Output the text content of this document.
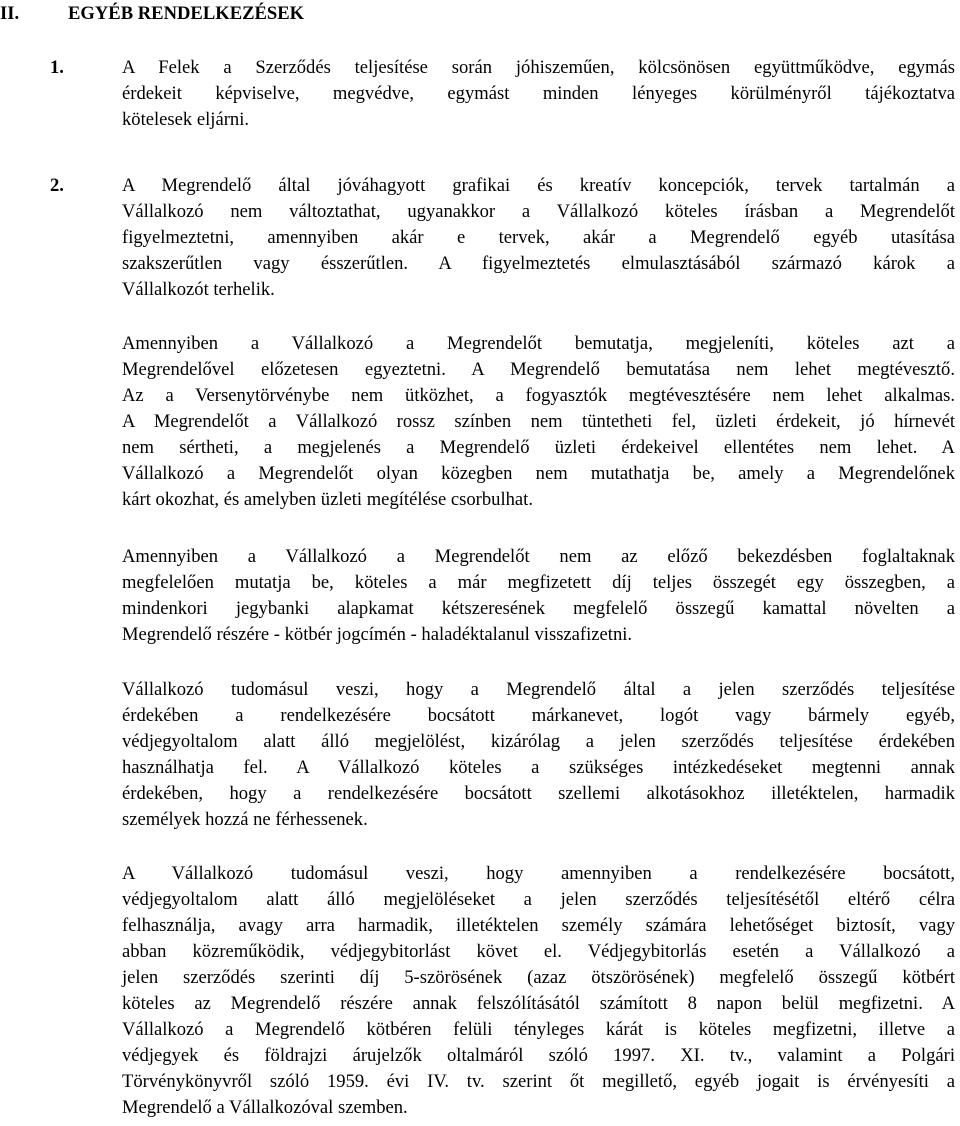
II.	EGYÉB RENDELKEZÉSEK
1.	A Felek a Szerződés teljesítése során jóhiszeműen, kölcsönösen együttműködve, egymás
érdekeit képviselve, megvédve, egymást minden lényeges körülményről tájékoztatva
kötelesek eljárni.
2.	A Megrendelő által jóváhagyott grafikai és kreatív koncepciók, tervek tartalmán a
Vállalkozó nem változtathat, ugyanakkor a Vállalkozó köteles írásban a Megrendelőt
figyelmeztetni, amennyiben akár e tervek, akár a Megrendelő egyéb utasítása
szakszerűtlen vagy ésszerűtlen. A figyelmeztetés elmulasztásából származó károk a
Vállalkozót terhelik.
Amennyiben a Vállalkozó a Megrendelőt bemutatja, megjeleníti, köteles azt a
Megrendelővel előzetesen egyeztetni. A Megrendelő bemutatása nem lehet megtévesztő.
Az a Versenytörvénybe nem ütközhet, a fogyasztók megtévesztésére nem lehet alkalmas.
A Megrendelőt a Vállalkozó rossz színben nem tüntetheti fel, üzleti érdekeit, jó hírnevét
nem sértheti, a megjelenés a Megrendelő üzleti érdekeivel ellentétes nem lehet. A
Vállalkozó a Megrendelőt olyan közegben nem mutathatja be, amely a Megrendelőnek
kárt okozhat, és amelyben üzleti megítélése csorbulhat.
Amennyiben a Vállalkozó a Megrendelőt nem az előző bekezdésben foglaltaknak
megfelelően mutatja be, köteles a már megfizetett díj teljes összegét egy összegben, a
mindenkori jegybanki alapkamat kétszeresének megfelelő összegű kamattal növelten a
Megrendelő részére - kötbér jogcímén - haladéktalanul visszafizetni.
Vállalkozó tudomásul veszi, hogy a Megrendelő által a jelen szerződés teljesítése
érdekében a rendelkezésére bocsátott márkanevet, logót vagy bármely egyéb,
védjegyoltalom alatt álló megjelölést, kizárólag a jelen szerződés teljesítése érdekében
használhatja fel. A Vállalkozó köteles a szükséges intézkedéseket megtenni annak
érdekében, hogy a rendelkezésére bocsátott szellemi alkotásokhoz illetéktelen, harmadik
személyek hozzá ne férhessenek.
A Vállalkozó tudomásul veszi, hogy amennyiben a rendelkezésére bocsátott,
védjegyoltalom alatt álló megjelöléseket a jelen szerződés teljesítésétől eltérő célra
felhasználja, avagy arra harmadik, illetéktelen személy számára lehetőséget biztosít, vagy
abban közreműködik, védjegybitorlást követ el. Védjegybitorlás esetén a Vállalkozó a
jelen szerződés szerinti díj 5-szörösének (azaz ötszörösének) megfelelő összegű kötbért
köteles az Megrendelő részére annak felszólításától számított 8 napon belül megfizetni. A
Vállalkozó a Megrendelő kötbéren felüli tényleges kárát is köteles megfizetni, illetve a
védjegyek és földrajzi árujelzők oltalmáról szóló 1997. XI. tv., valamint a Polgári
Törvénykönyvről szóló 1959. évi IV. tv. szerint őt megillető, egyéb jogait is érvényesíti a
Megrendelő a Vállalkozóval szemben.
